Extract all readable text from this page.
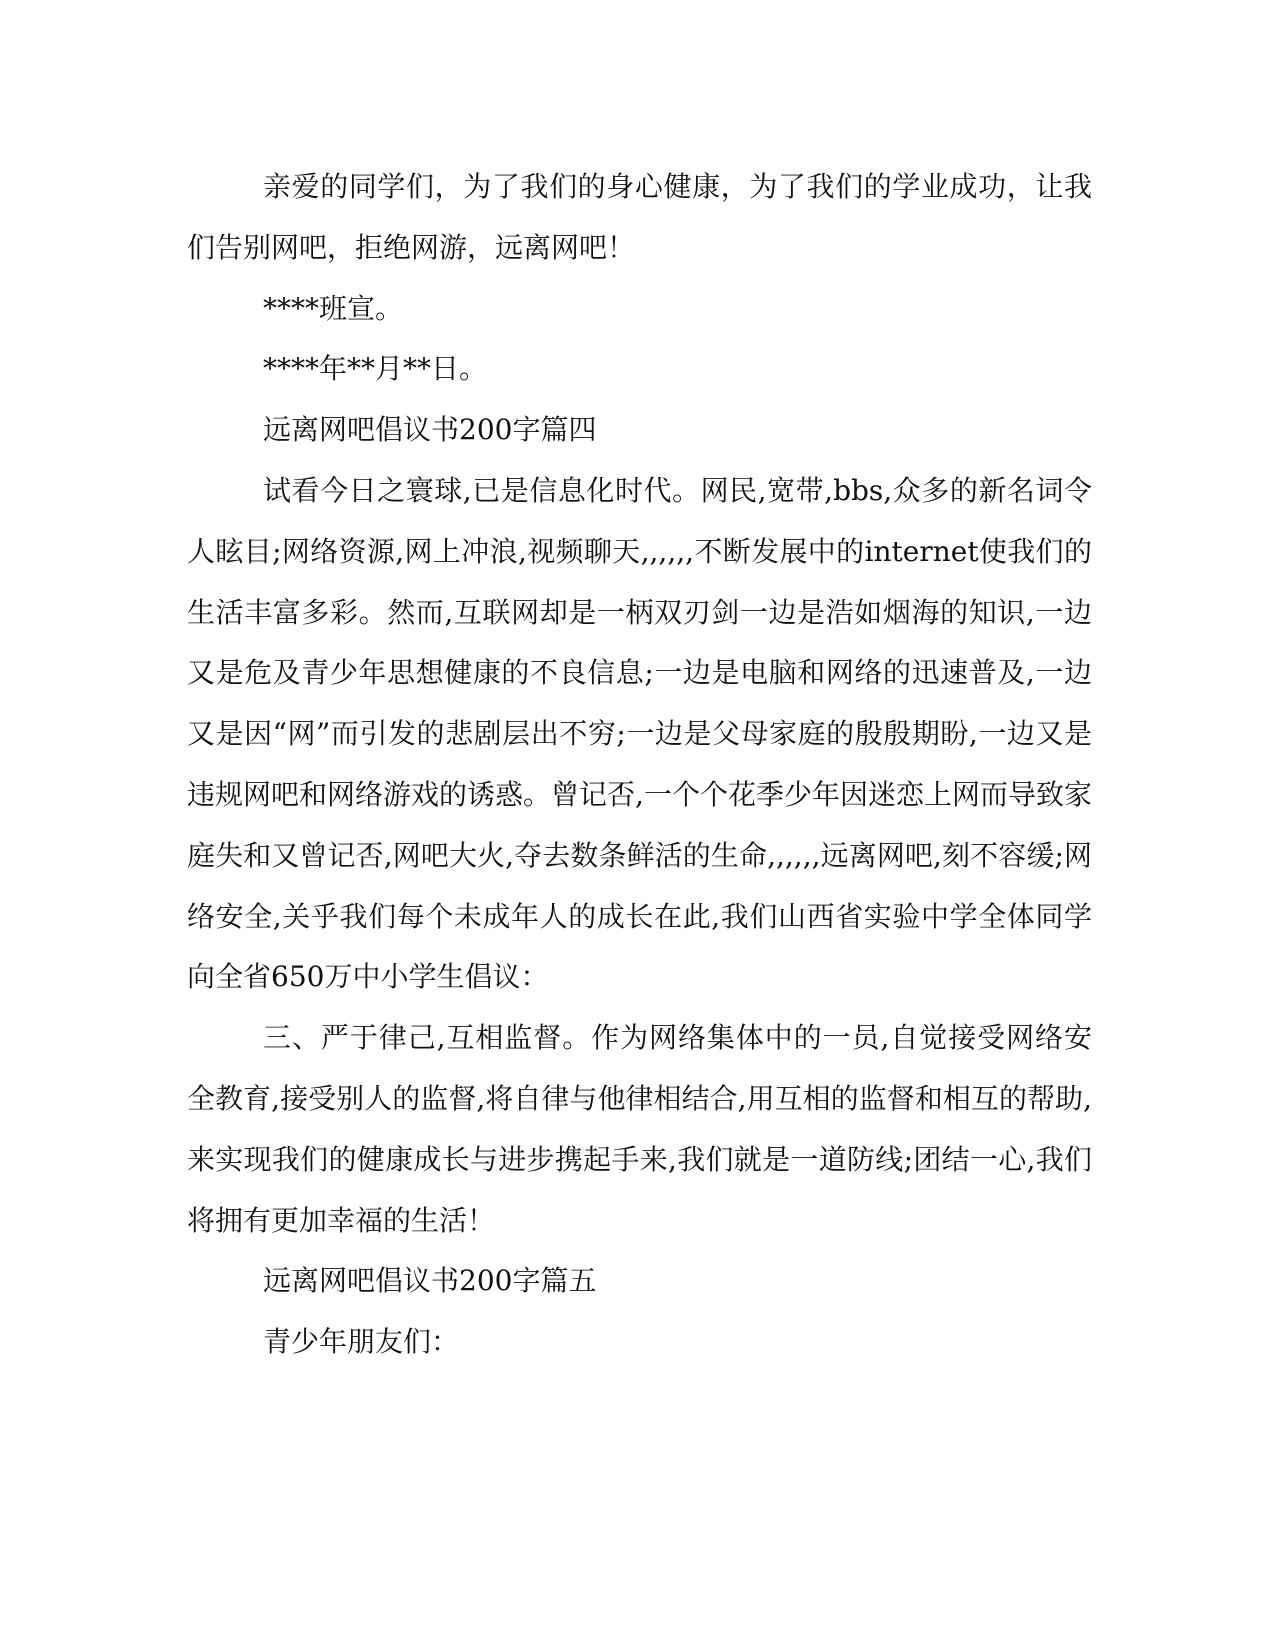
亲爱的同学们，为了我们的身心健康，为了我们的学业成功，让我们告别网吧，拒绝网游，远离网吧！

****班宣。

****年**月**日。

远离网吧倡议书200字篇四

试看今日之寰球,已是信息化时代。网民,宽带,bbs,众多的新名词令人眩目;网络资源,网上冲浪,视频聊天,,,,,,不断发展中的internet使我们的生活丰富多彩。然而,互联网却是一柄双刃剑一边是浩如烟海的知识,一边又是危及青少年思想健康的不良信息;一边是电脑和网络的迅速普及,一边又是因“网”而引发的悲剧层出不穷;一边是父母家庭的殷殷期盼,一边又是违规网吧和网络游戏的诱惑。曾记否,一个个花季少年因迷恋上网而导致家庭失和又曾记否,网吧大火,夺去数条鲜活的生命,,,,,,远离网吧,刻不容缓;网络安全,关乎我们每个未成年人的成长在此,我们山西省实验中学全体同学向全省650万中小学生倡议：

三、严于律己,互相监督。作为网络集体中的一员,自觉接受网络安全教育,接受别人的监督,将自律与他律相结合,用互相的监督和相互的帮助,来实现我们的健康成长与进步携起手来,我们就是一道防线;团结一心,我们将拥有更加幸福的生活！

远离网吧倡议书200字篇五

青少年朋友们：
